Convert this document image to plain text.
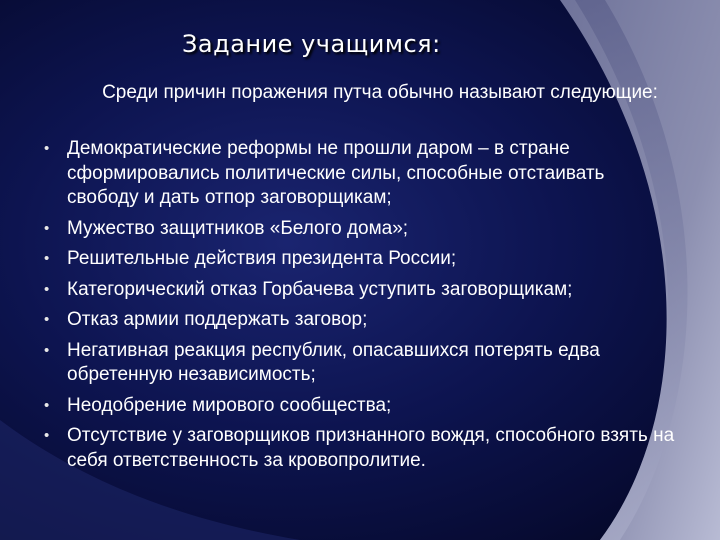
Задание учащимся:
Среди причин поражения путча обычно называют следующие:
• Демократические реформы не прошли даром – в стране сформировались политические силы, способные отстаивать свободу и дать отпор заговорщикам;
• Мужество защитников «Белого дома»;
• Решительные действия президента России;
• Категорический отказ Горбачева уступить заговорщикам;
• Отказ армии поддержать заговор;
• Негативная реакция республик, опасавшихся потерять едва обретенную независимость;
• Неодобрение мирового сообщества;
• Отсутствие у заговорщиков признанного вождя, способного взять на себя ответственность за кровопролитие.
